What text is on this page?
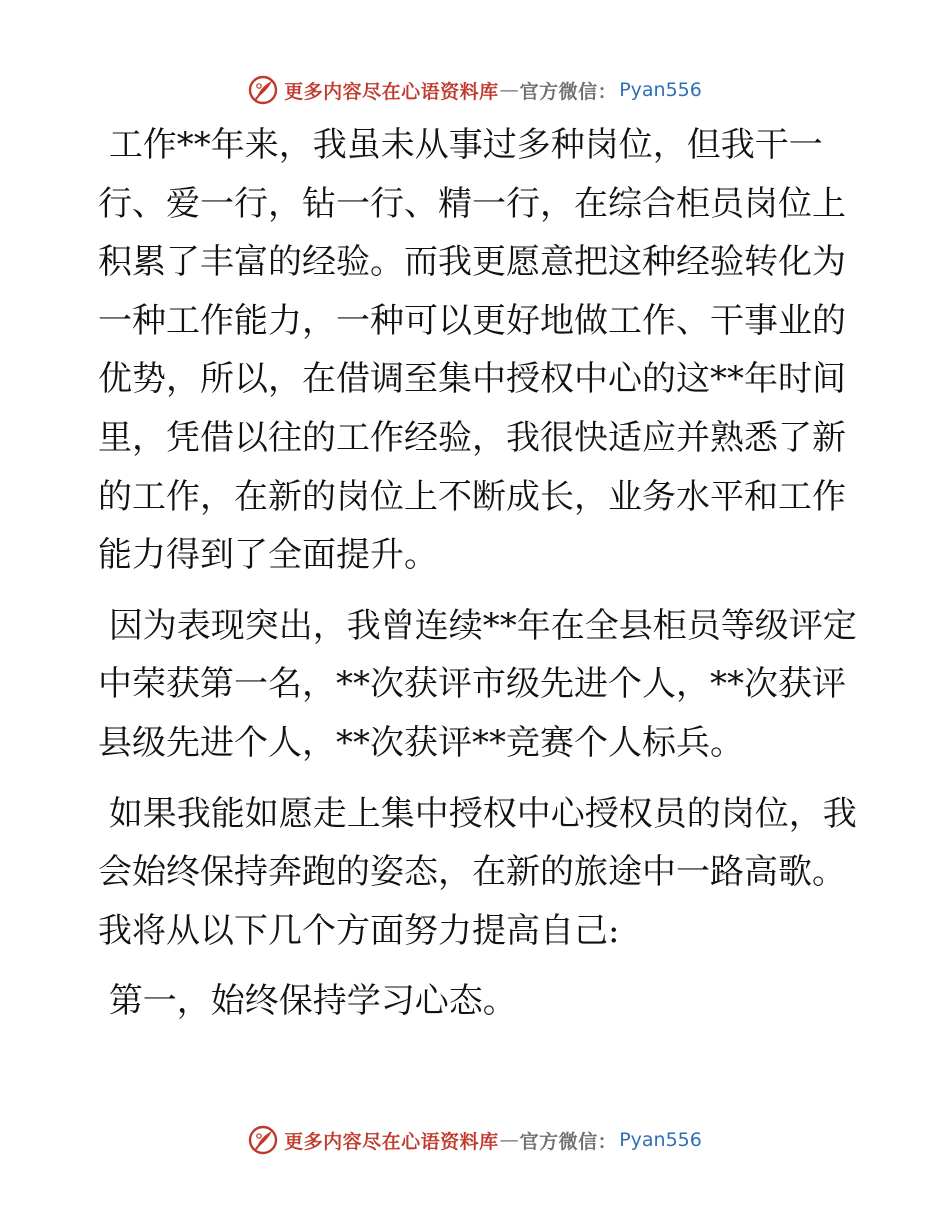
更多内容尽在心语资料库 — 官方微信： Pyan556

工作**年来，我虽未从事过多种岗位，但我干一行、爱一行，钻一行、精一行，在综合柜员岗位上积累了丰富的经验。而我更愿意把这种经验转化为一种工作能力，一种可以更好地做工作、干事业的优势，所以，在借调至集中授权中心的这**年时间里，凭借以往的工作经验，我很快适应并熟悉了新的工作，在新的岗位上不断成长，业务水平和工作能力得到了全面提升。

因为表现突出，我曾连续**年在全县柜员等级评定中荣获第一名，**次获评市级先进个人，**次获评县级先进个人，**次获评**竞赛个人标兵。

如果我能如愿走上集中授权中心授权员的岗位，我会始终保持奔跑的姿态，在新的旅途中一路高歌。我将从以下几个方面努力提高自己:

第一，始终保持学习心态。

更多内容尽在心语资料库 — 官方微信： Pyan556
